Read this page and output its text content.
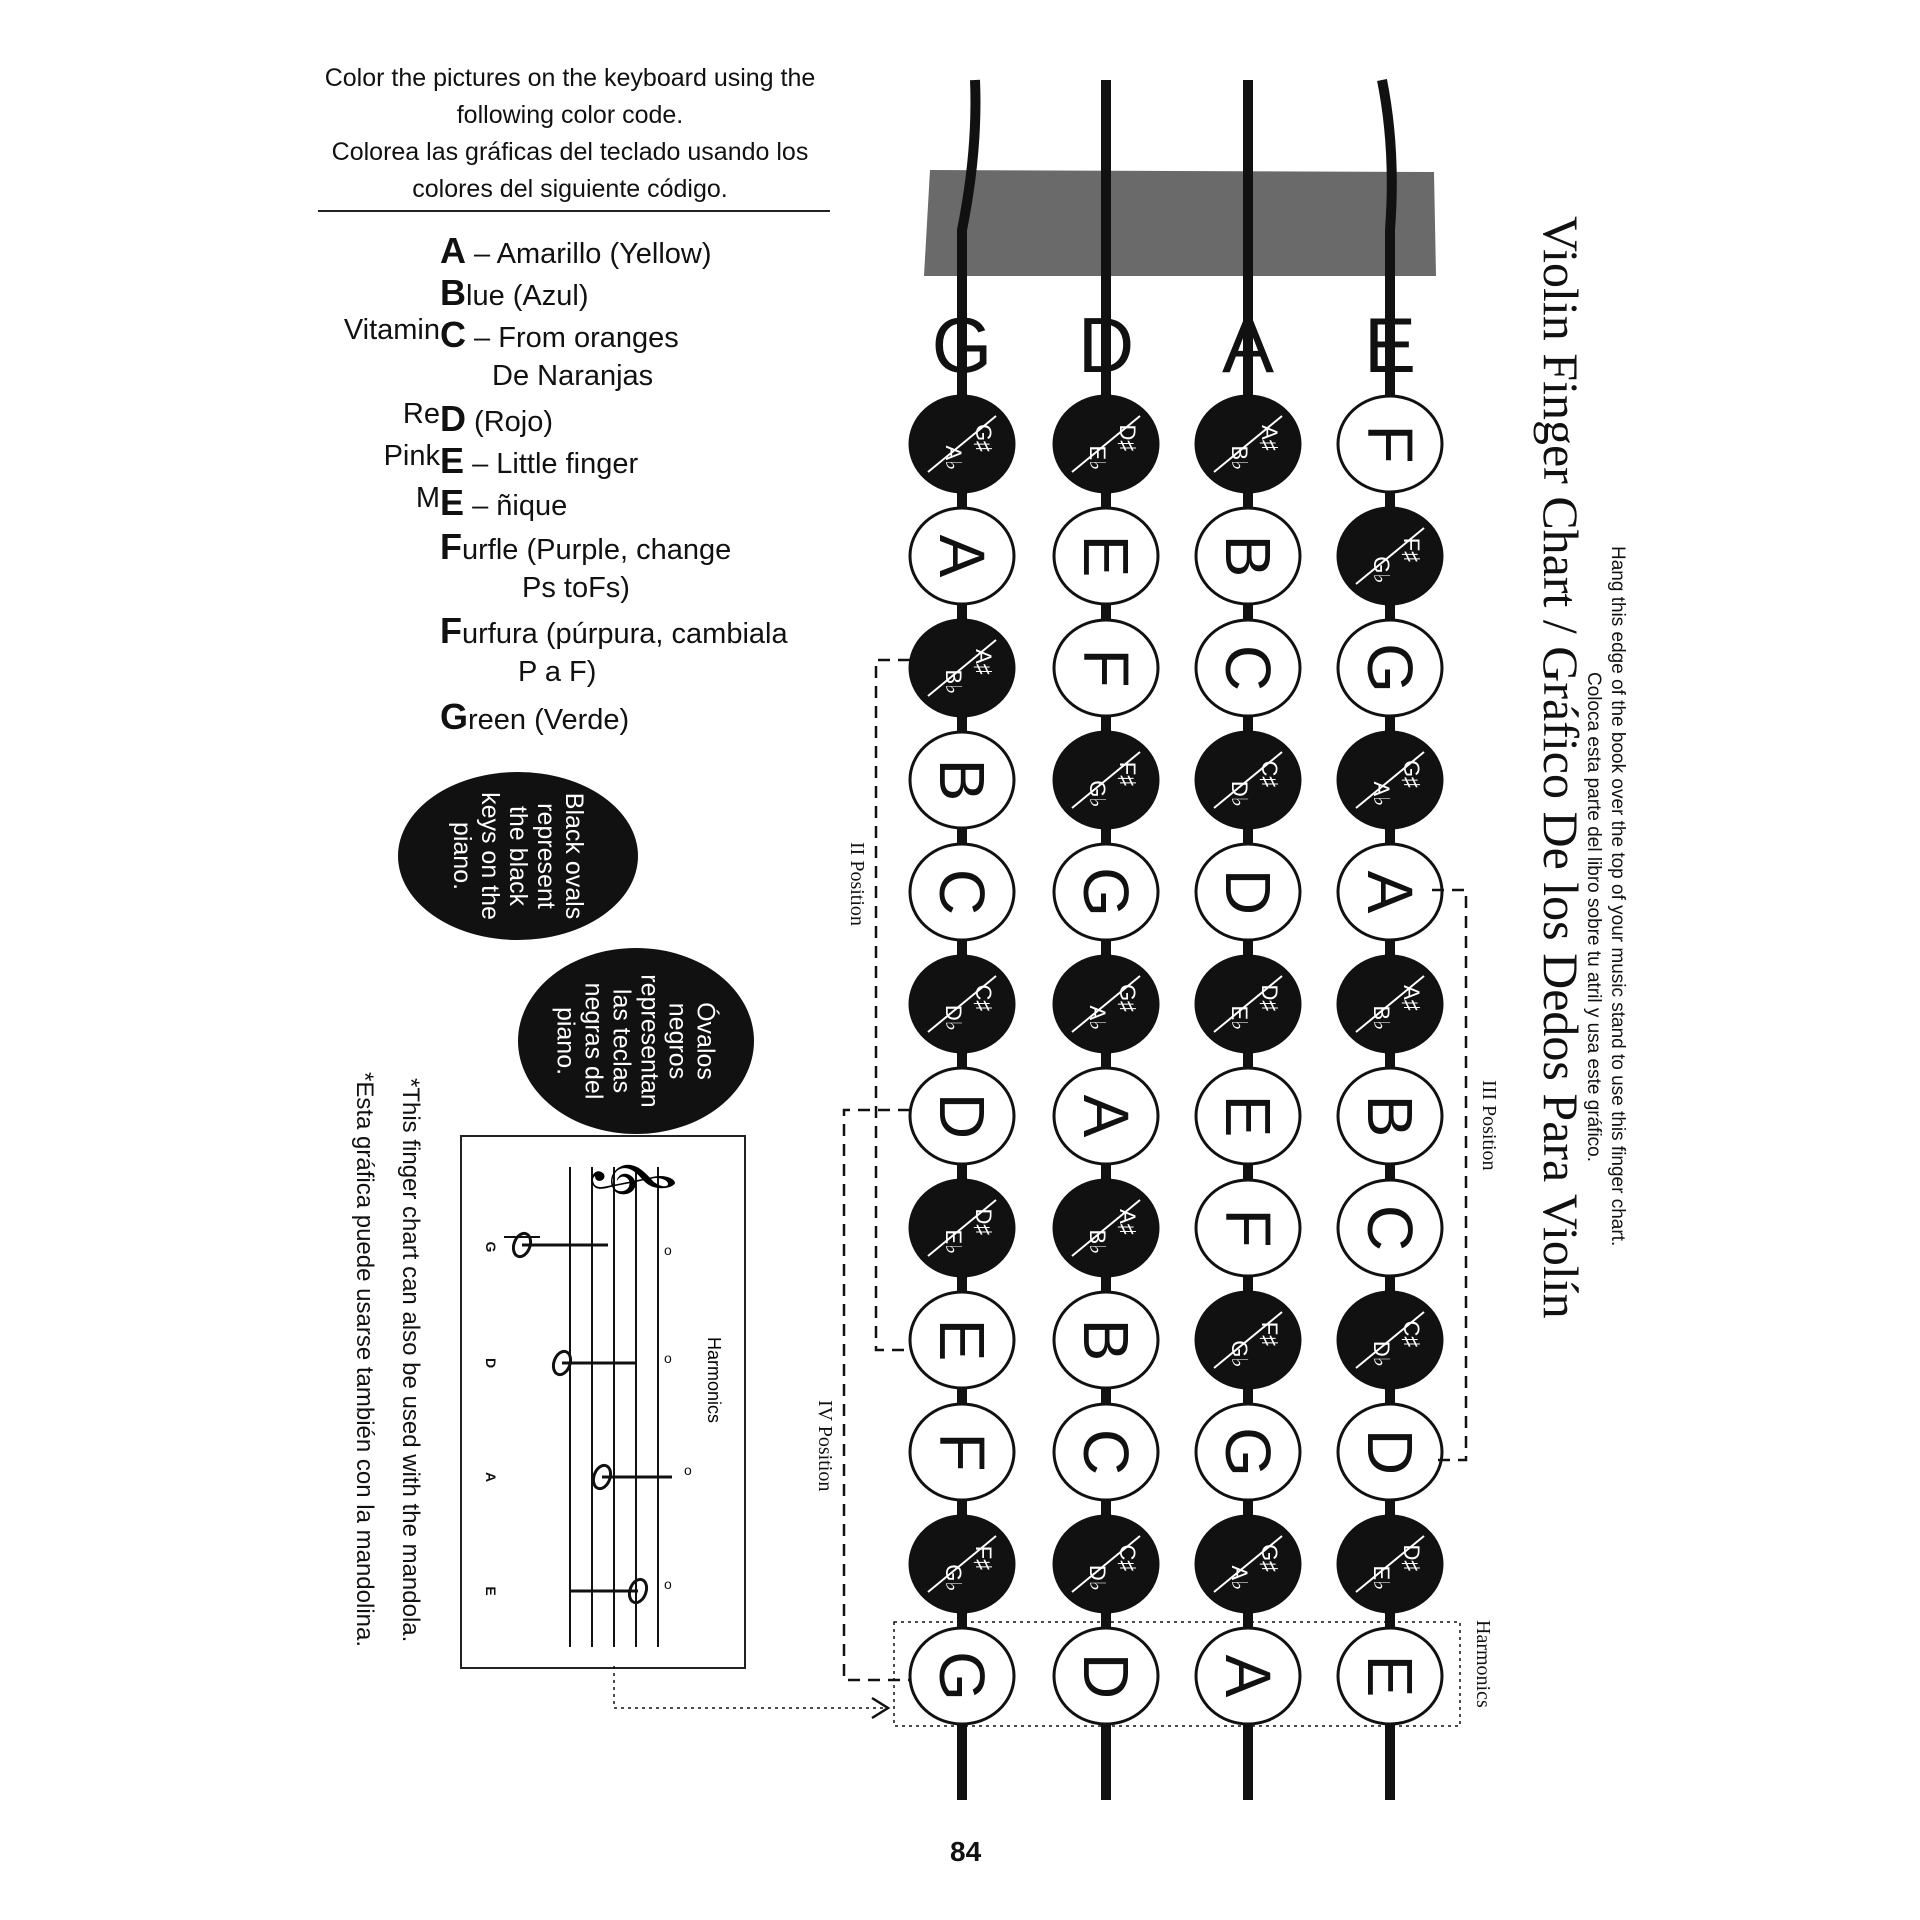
Color the pictures on the keyboard using the
following color code.
Colorea las gráficas del teclado usando los
colores del siguiente código.
A – Amarillo (Yellow)
Blue (Azul)
Vitamin C – From oranges
De Naranjas
Re D (Rojo)
Pink E – Little finger
M E – ñique
Furfle (Purple, change
Ps toFs)
Furfura (púrpura, cambiala
P a F)
Green (Verde)
Black ovals
represent
the black
keys on the
piano.
Óvalos
negros
representan
las teclas
negras del
piano.
*This finger chart can also be used with the mandola.
*Esta gráfica puede usarse también con la mandolina.	𝄞
o
o
o
o
G
D
A
E
Harmonics
G D A E
G♯
A♭
A
A♯
B♭
B
C
C♯
D♭
D
D♯
E♭
E
F
F♯
G♭
G
D♯
E♭
E
F
F♯
G♭
G
G♯
A♭
A
A♯
B♭
B
C
C♯
D♭
D
A♯
B♭
B
C
C♯
D♭
D
D♯
E♭
E
F
F♯
G♭
G
G♯
A♭
A
F
F♯
G♭
G
G♯
A♭
A
A♯
B♭
B
C
C♯
D♭
D
D♯
E♭
E
II Position
III Position
IV Position
Harmonics
Violin Finger Chart / Gráfico De los Dedos Para Violín Hang this edge of the book over the top of your music stand to use this finger chart.
Coloca esta parte del libro sobre tu atril y usa este gráfico.
84
